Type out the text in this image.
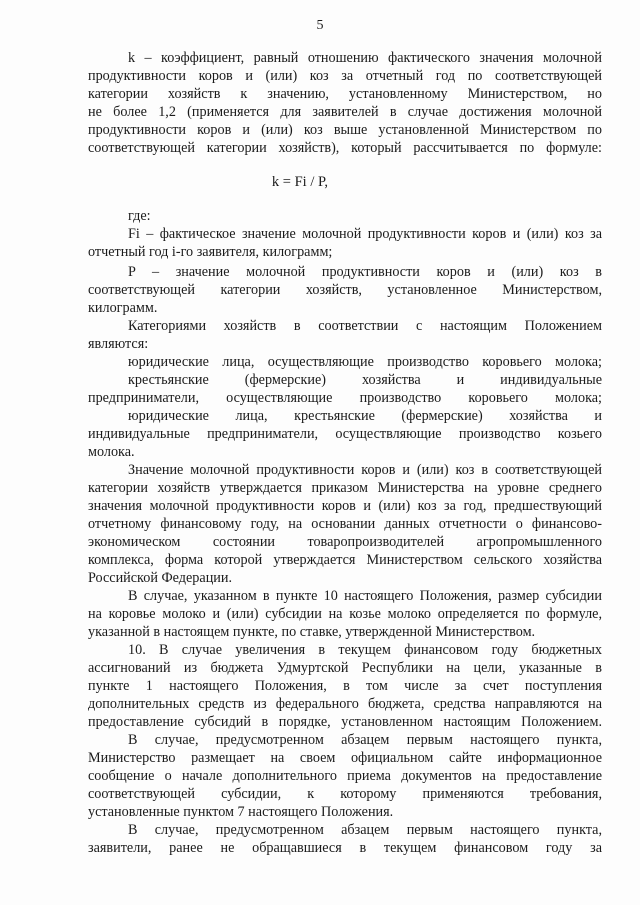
5
k – коэффициент, равный отношению фактического значения молочной
продуктивности коров и (или) коз за отчетный год по соответствующей
категории хозяйств к значению, установленному Министерством, но
не более 1,2 (применяется для заявителей в случае достижения молочной
продуктивности коров и (или) коз выше установленной Министерством по
соответствующей категории хозяйств), который рассчитывается по формуле:
k = Fi / P,
где:
Fi – фактическое значение молочной продуктивности коров и (или) коз за
отчетный год i-го заявителя, килограмм;
P – значение молочной продуктивности коров и (или) коз в
соответствующей категории хозяйств, установленное Министерством,
килограмм.
Категориями хозяйств в соответствии с настоящим Положением
являются:
юридические лица, осуществляющие производство коровьего молока;
крестьянские (фермерские) хозяйства и индивидуальные
предприниматели, осуществляющие производство коровьего молока;
юридические лица, крестьянские (фермерские) хозяйства и
индивидуальные предприниматели, осуществляющие производство козьего
молока.
Значение молочной продуктивности коров и (или) коз в соответствующей
категории хозяйств утверждается приказом Министерства на уровне среднего
значения молочной продуктивности коров и (или) коз за год, предшествующий
отчетному финансовому году, на основании данных отчетности о финансово-
экономическом состоянии товаропроизводителей агропромышленного
комплекса, форма которой утверждается Министерством сельского хозяйства
Российской Федерации.
В случае, указанном в пункте 10 настоящего Положения, размер субсидии
на коровье молоко и (или) субсидии на козье молоко определяется по формуле,
указанной в настоящем пункте, по ставке, утвержденной Министерством.
10. В случае увеличения в текущем финансовом году бюджетных
ассигнований из бюджета Удмуртской Республики на цели, указанные в
пункте 1 настоящего Положения, в том числе за счет поступления
дополнительных средств из федерального бюджета, средства направляются на
предоставление субсидий в порядке, установленном настоящим Положением.
В случае, предусмотренном абзацем первым настоящего пункта,
Министерство размещает на своем официальном сайте информационное
сообщение о начале дополнительного приема документов на предоставление
соответствующей субсидии, к которому применяются требования,
установленные пунктом 7 настоящего Положения.
В случае, предусмотренном абзацем первым настоящего пункта,
заявители, ранее не обращавшиеся в текущем финансовом году за
